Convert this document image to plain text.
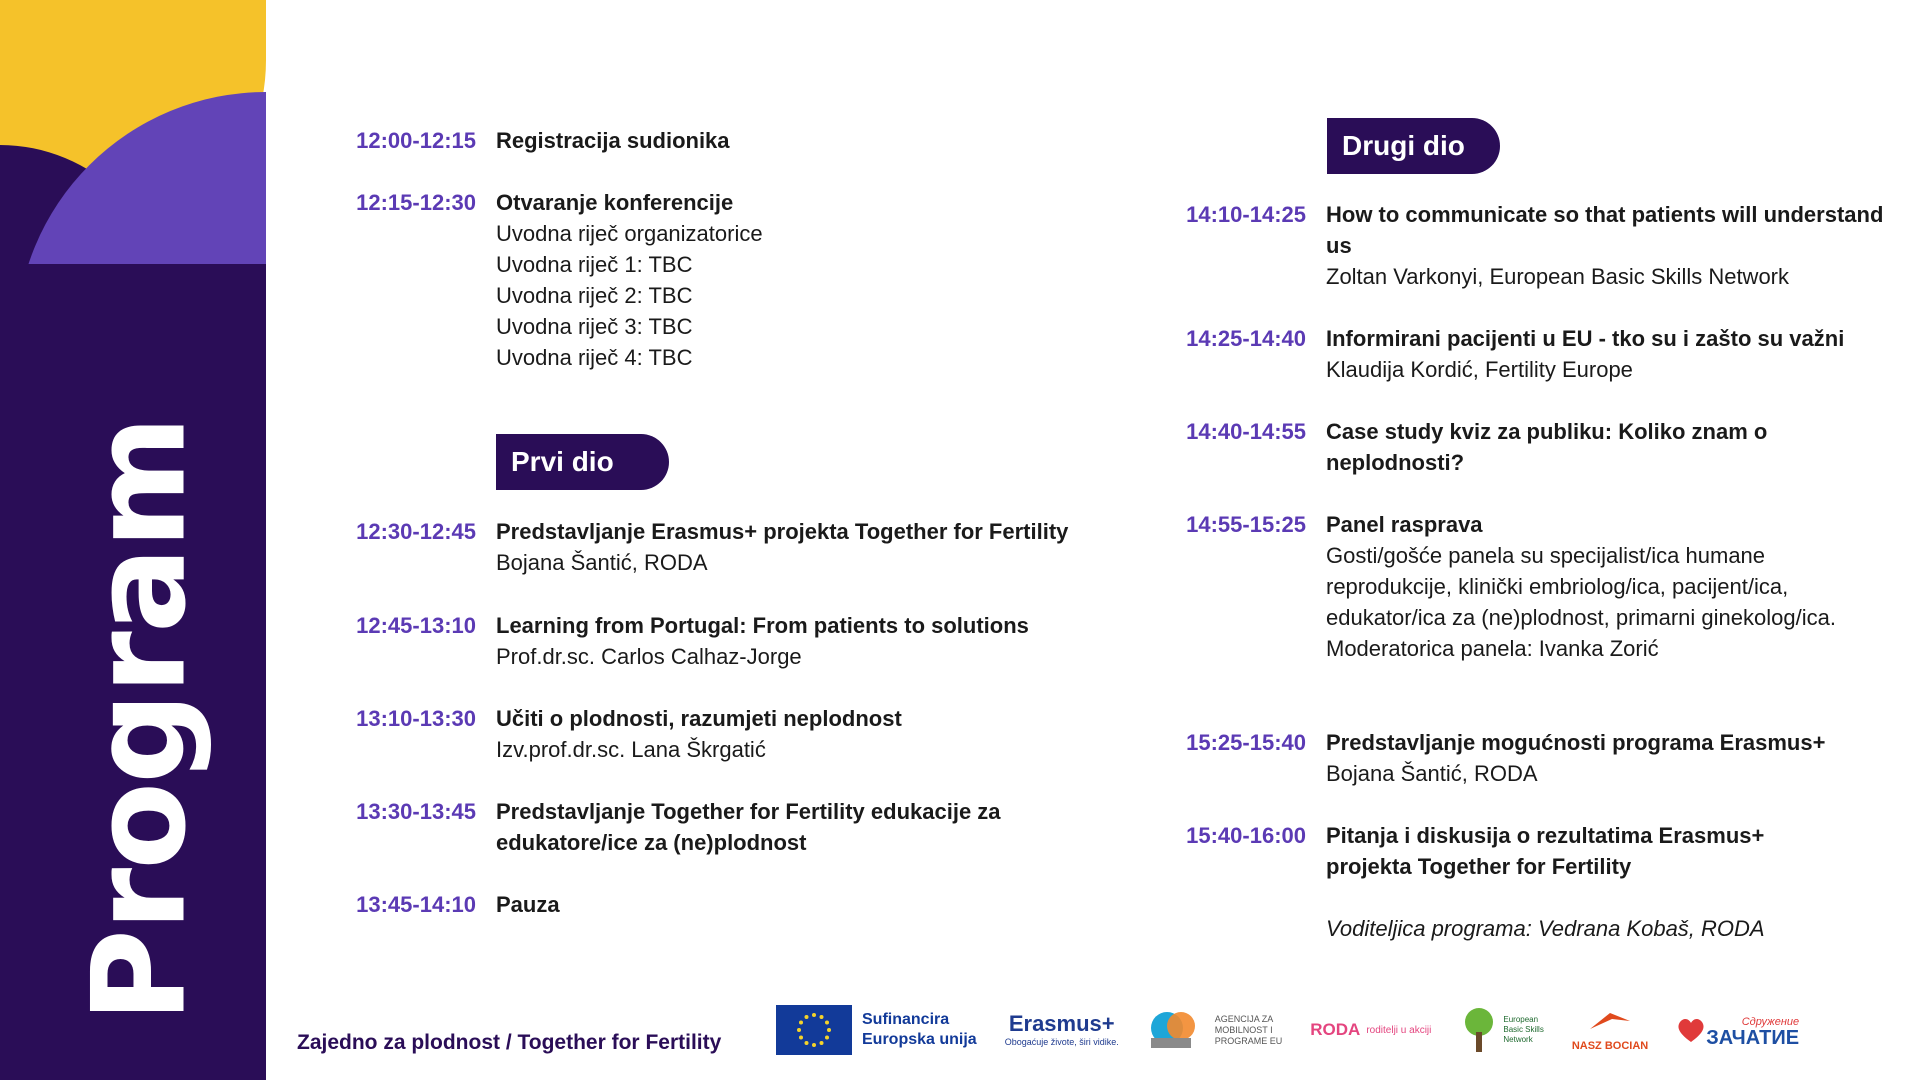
Program
12:00-12:15 Registracija sudionika
12:15-12:30 Otvaranje konferencije
Uvodna riječ organizatorice
Uvodna riječ 1: TBC
Uvodna riječ 2: TBC
Uvodna riječ 3: TBC
Uvodna riječ 4: TBC
Prvi dio
12:30-12:45 Predstavljanje Erasmus+ projekta Together for Fertility
Bojana Šantić, RODA
12:45-13:10 Learning from Portugal: From patients to solutions
Prof.dr.sc. Carlos Calhaz-Jorge
13:10-13:30 Učiti o plodnosti, razumjeti neplodnost
Izv.prof.dr.sc. Lana Škrgatić
13:30-13:45 Predstavljanje Together for Fertility edukacije za edukatore/ice za (ne)plodnost
13:45-14:10 Pauza
Drugi dio
14:10-14:25 How to communicate so that patients will understand us
Zoltan Varkonyi, European Basic Skills Network
14:25-14:40 Informirani pacijenti u EU - tko su i zašto su važni
Klaudija Kordić, Fertility Europe
14:40-14:55 Case study kviz za publiku: Koliko znam o neplodnosti?
14:55-15:25 Panel rasprava
Gosti/gošće panela su specijalist/ica humane reprodukcije, klinički embriolog/ica, pacijent/ica, edukator/ica za (ne)plodnost, primarni ginekolog/ica.
Moderatorica panela: Ivanka Zorić
15:25-15:40 Predstavljanje mogućnosti programa Erasmus+
Bojana Šantić, RODA
15:40-16:00 Pitanja i diskusija o rezultatima Erasmus+ projekta Together for Fertility
Voditeljica programa: Vedrana Kobaš, RODA
Zajedno za plodnost / Together for Fertility
Sufinancira
Europska unija
Erasmus+
Obogaćuje živote, širi vidike.
AGENCIJA ZA
MOBILNOST I
PROGRAME EU
RODA roditelji u akciji
European
Basic Skills
Network	NASZ BOCIAN
Сдружение
ЗАЧАТИЕ
